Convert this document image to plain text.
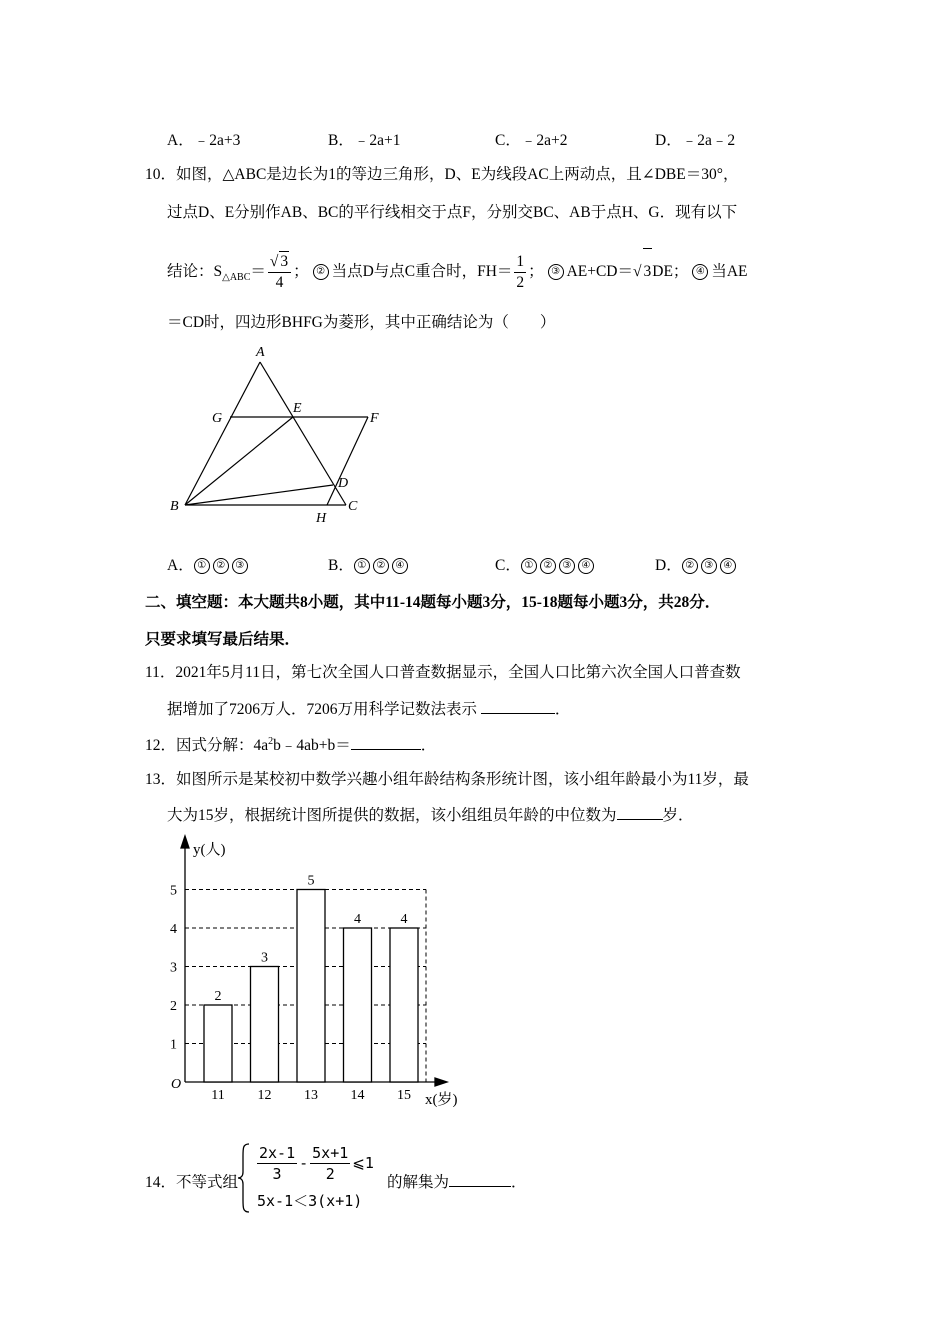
A．﹣2a+3	B．﹣2a+1	C．﹣2a+2	D．﹣2a﹣2
10．如图，△ABC是边长为1的等边三角形，D、E为线段AC上两动点，且∠DBE＝30°，
过点D、E分别作AB、BC的平行线相交于点F，分别交BC、AB于点H、G．现有以下
结论：$S_{\triangle ABC}= \frac{√ 3}{4}$ ； ② 当点D与点C重合时，$FH= \frac{1}{2}$ ； ③ AE+CD＝√ 3DE； ④ 当AE
＝CD时，四边形BHFG为菱形，其中正确结论为（　　）
A
G
E
F
D
C
B
H
A． ① ② ③	B． ① ② ④	C． ① ② ③ ④	D． ② ③ ④
二、填空题：本大题共8小题，其中11-14题每小题3分，15-18题每小题3分，共28分．
只要求填写最后结果．
11．2021年5月11日，第七次全国人口普查数据显示，全国人口比第六次全国人口普查数
据增加了7206万人．7206万用科学记数法表示	．
12．因式分解：$4a^2b﹣4ab+b=$	．
13．如图所示是某校初中数学兴趣小组年龄结构条形统计图，该小组年龄最小为11岁，最
大为15岁，根据统计图所提供的数据，该小组组员年龄的中位数为	岁．
y(人)
x(岁)
O
1
2
3
4
5
2
11
3
12
5
13
4
14
4
15
14．不等式组 $\frac{2x-1}{3} - \frac{5x+1}{2}$ ⩽1
5x-1＜3(x+1)
的解集为	．
